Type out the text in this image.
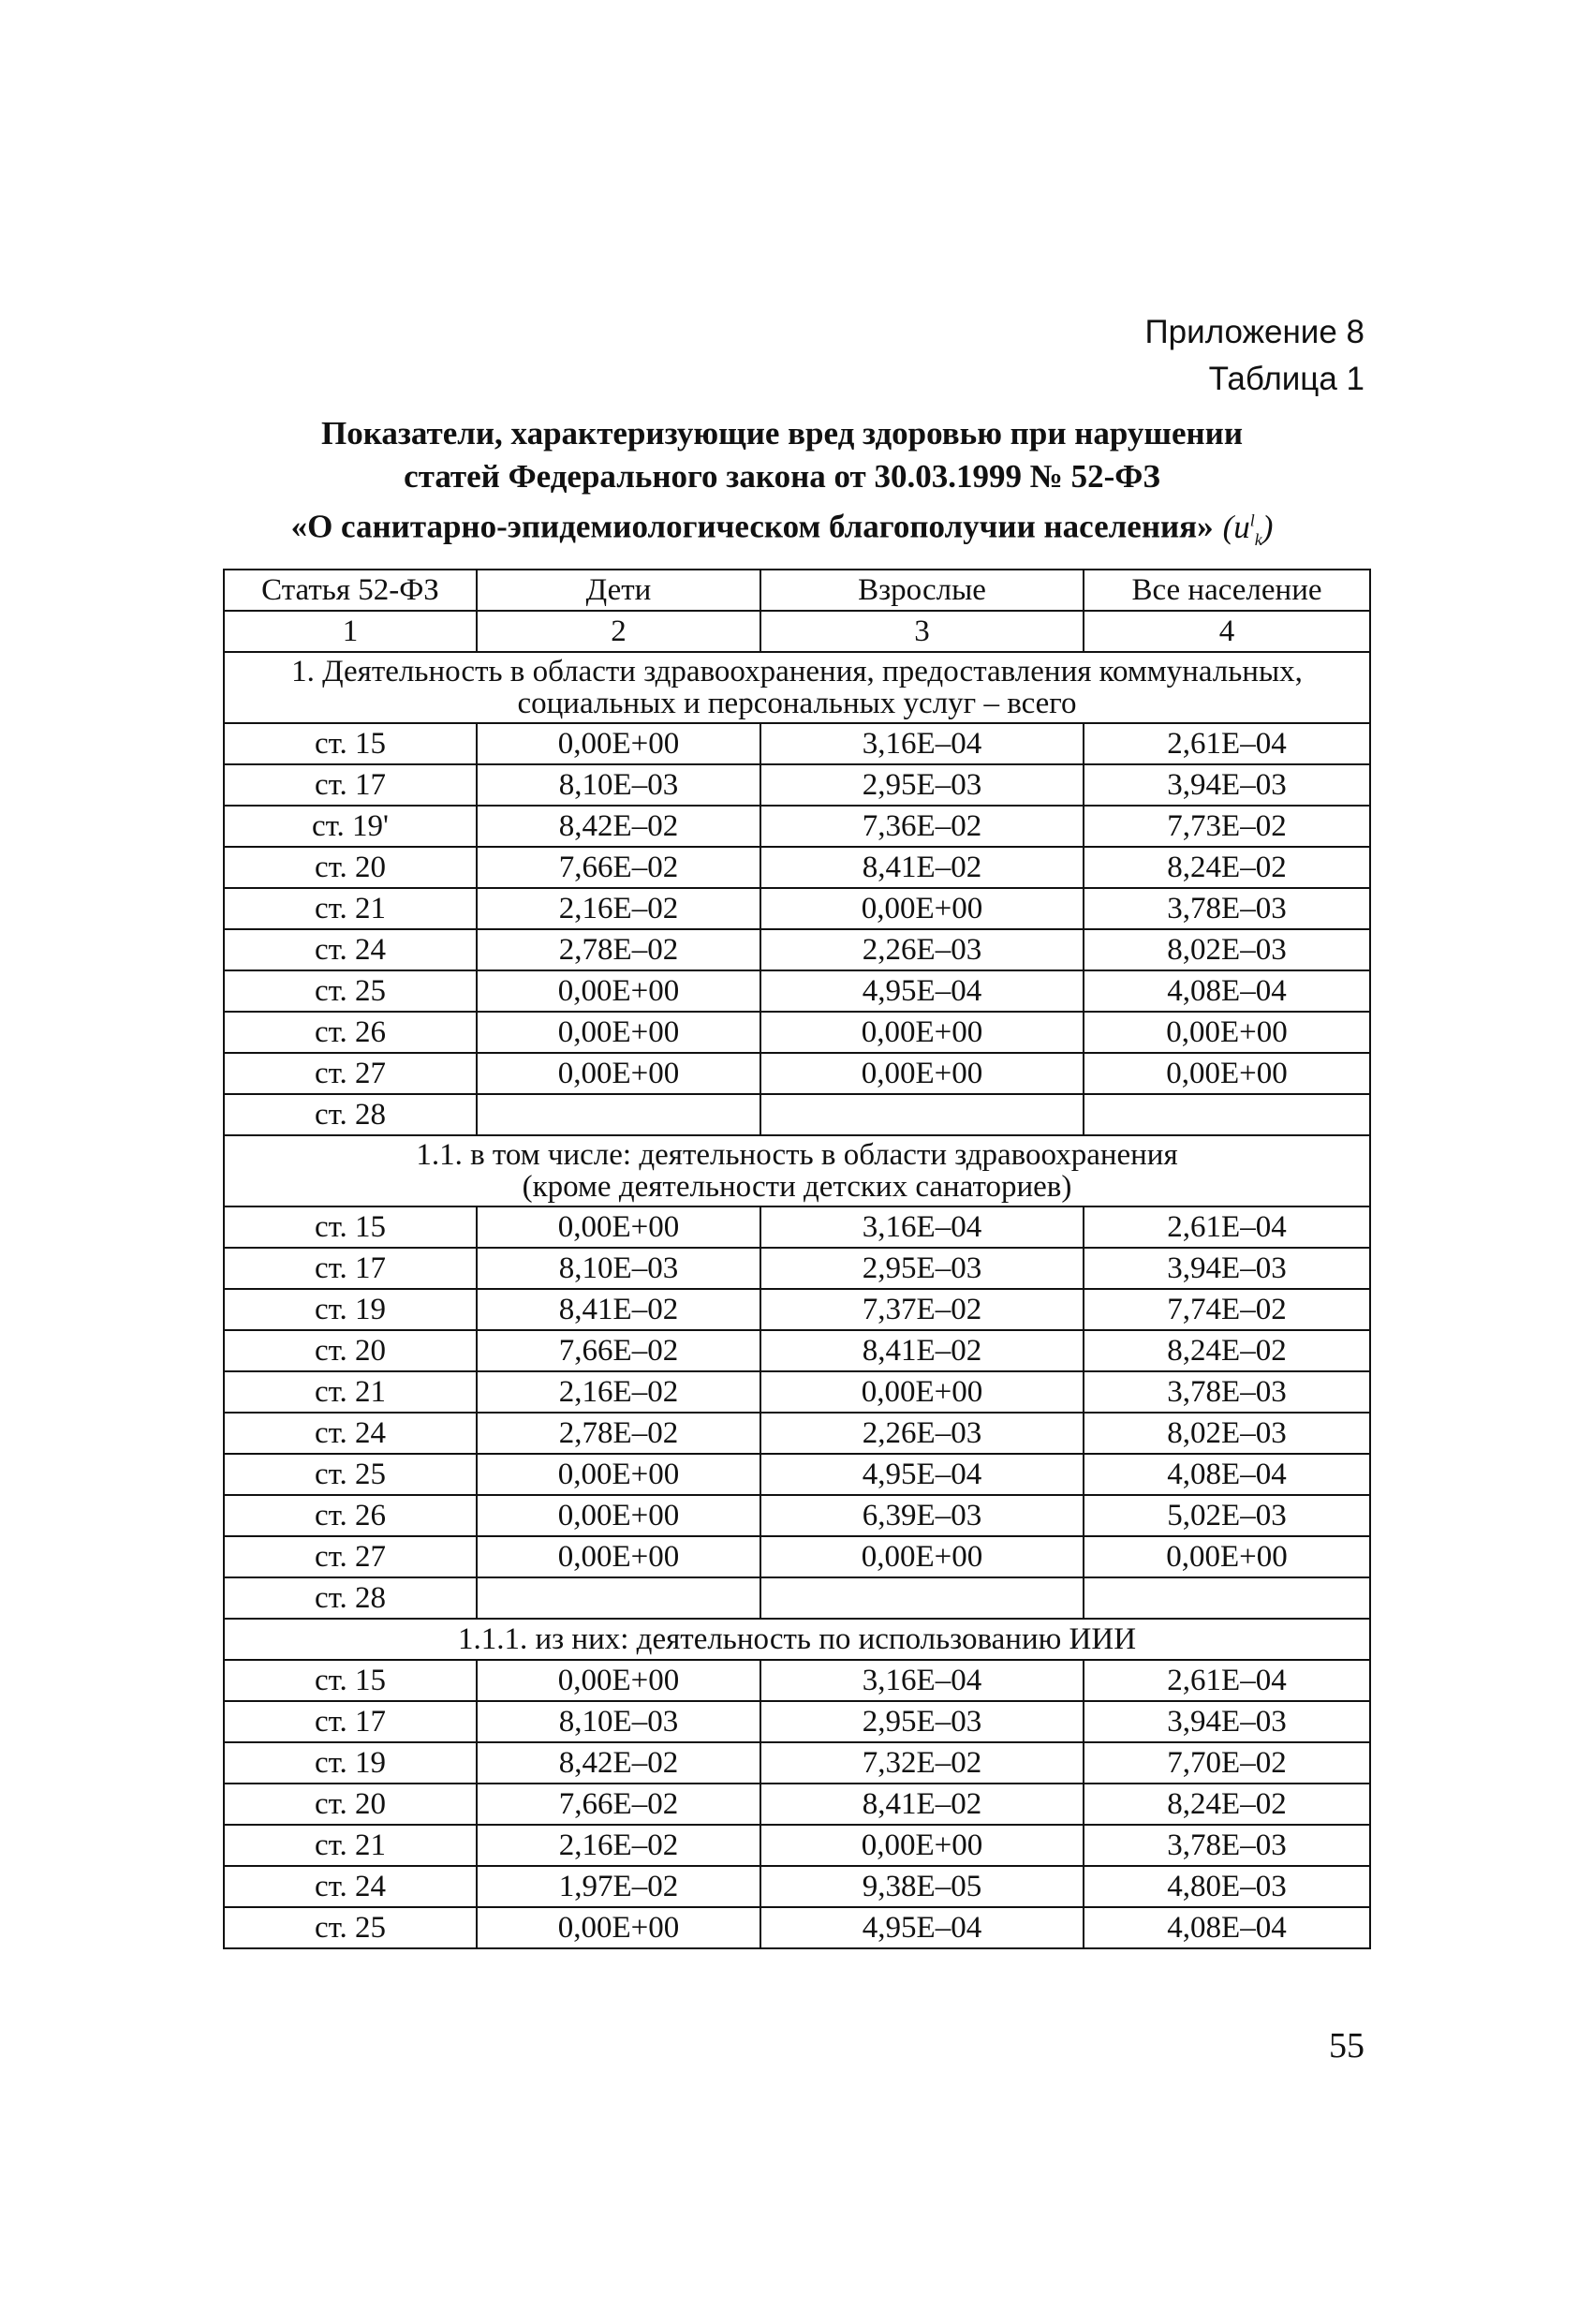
Приложение 8
Таблица 1
Показатели, характеризующие вред здоровью при нарушении
статей Федерального закона от 30.03.1999 № 52-ФЗ
«О санитарно-эпидемиологическом благополучии населения» $(u^l_k)$
Статья 52-ФЗ	Дети	Взрослые	Все население
1	2	3	4

1. Деятельность в области здравоохранения, предоставления коммунальных,
социальных и персональных услуг – всего			

ст. 15	0,00E+00	3,16E–04	2,61E–04
ст. 17	8,10E–03	2,95E–03	3,94E–03
ст. 19'	8,42E–02	7,36E–02	7,73E–02
ст. 20	7,66E–02	8,41E–02	8,24E–02
ст. 21	2,16E–02	0,00E+00	3,78E–03
ст. 24	2,78E–02	2,26E–03	8,02E–03
ст. 25	0,00E+00	4,95E–04	4,08E–04
ст. 26	0,00E+00	0,00E+00	0,00E+00
ст. 27	0,00E+00	0,00E+00	0,00E+00
ст. 28			

1.1. в том числе: деятельность в области здравоохранения
(кроме деятельности детских санаториев)			

ст. 15	0,00E+00	3,16E–04	2,61E–04
ст. 17	8,10E–03	2,95E–03	3,94E–03
ст. 19	8,41E–02	7,37E–02	7,74E–02
ст. 20	7,66E–02	8,41E–02	8,24E–02
ст. 21	2,16E–02	0,00E+00	3,78E–03
ст. 24	2,78E–02	2,26E–03	8,02E–03
ст. 25	0,00E+00	4,95E–04	4,08E–04
ст. 26	0,00E+00	6,39E–03	5,02E–03
ст. 27	0,00E+00	0,00E+00	0,00E+00
ст. 28			

1.1.1. из них: деятельность по использованию ИИИ			

ст. 15	0,00E+00	3,16E–04	2,61E–04
ст. 17	8,10E–03	2,95E–03	3,94E–03
ст. 19	8,42E–02	7,32E–02	7,70E–02
ст. 20	7,66E–02	8,41E–02	8,24E–02
ст. 21	2,16E–02	0,00E+00	3,78E–03
ст. 24	1,97E–02	9,38E–05	4,80E–03
ст. 25	0,00E+00	4,95E–04	4,08E–04
55
